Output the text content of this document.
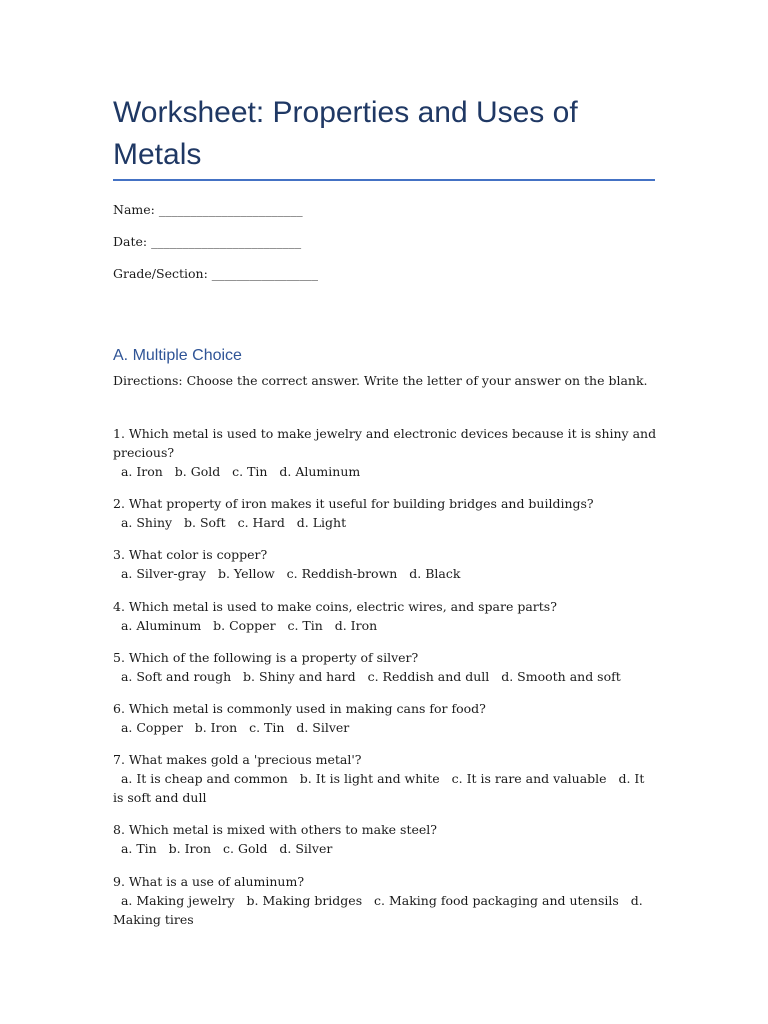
Worksheet: Properties and Uses of Metals
Name: _______________________
Date: ________________________
Grade/Section: _________________
A. Multiple Choice
Directions: Choose the correct answer. Write the letter of your answer on the blank.
1. Which metal is used to make jewelry and electronic devices because it is shiny and precious?
a. Iron   b. Gold   c. Tin   d. Aluminum
2. What property of iron makes it useful for building bridges and buildings?
a. Shiny   b. Soft   c. Hard   d. Light
3. What color is copper?
a. Silver-gray   b. Yellow   c. Reddish-brown   d. Black
4. Which metal is used to make coins, electric wires, and spare parts?
a. Aluminum   b. Copper   c. Tin   d. Iron
5. Which of the following is a property of silver?
a. Soft and rough   b. Shiny and hard   c. Reddish and dull   d. Smooth and soft
6. Which metal is commonly used in making cans for food?
a. Copper   b. Iron   c. Tin   d. Silver
7. What makes gold a 'precious metal'?
a. It is cheap and common   b. It is light and white   c. It is rare and valuable   d. It is soft and dull
8. Which metal is mixed with others to make steel?
a. Tin   b. Iron   c. Gold   d. Silver
9. What is a use of aluminum?
a. Making jewelry   b. Making bridges   c. Making food packaging and utensils   d. Making tires
